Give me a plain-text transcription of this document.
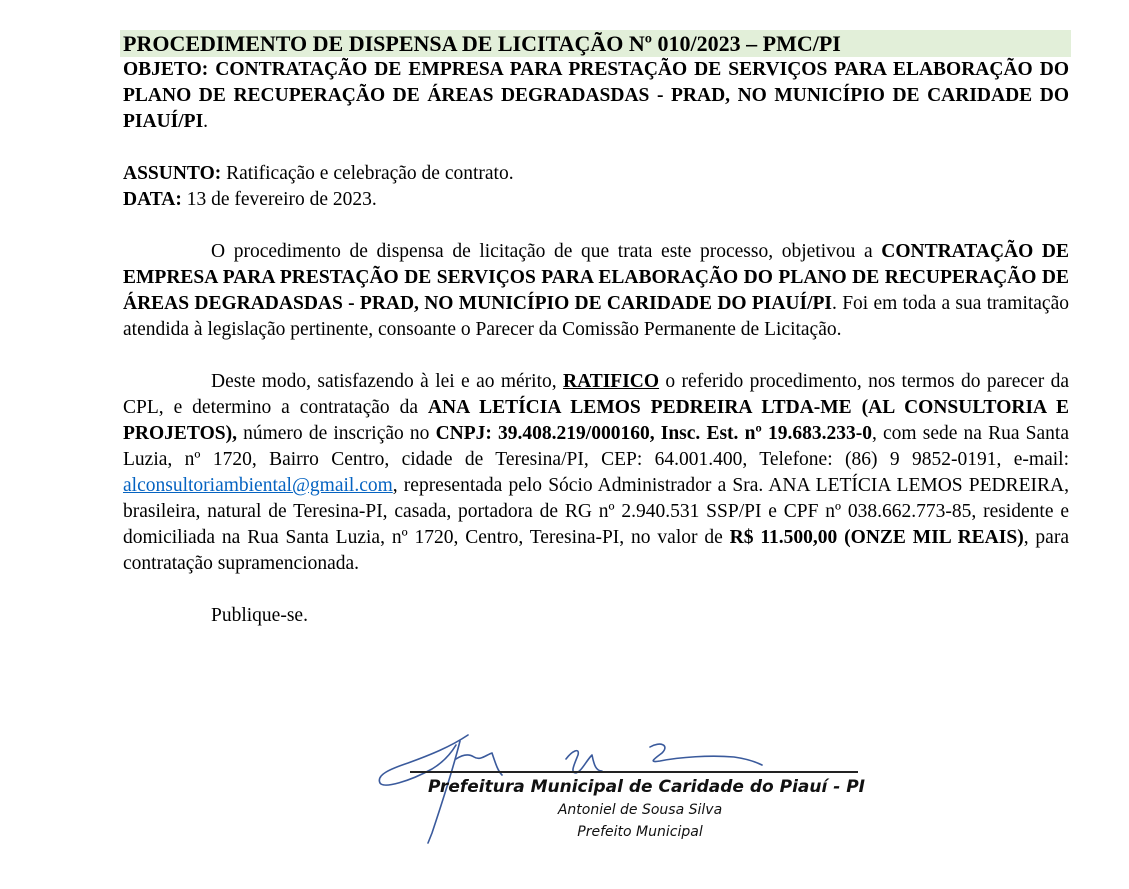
PROCEDIMENTO DE DISPENSA DE LICITAÇÃO Nº 010/2023 – PMC/PI
OBJETO: CONTRATAÇÃO DE EMPRESA PARA PRESTAÇÃO DE SERVIÇOS PARA ELABORAÇÃO DO PLANO DE RECUPERAÇÃO DE ÁREAS DEGRADASDAS - PRAD, NO MUNICÍPIO DE CARIDADE DO PIAUÍ/PI.
ASSUNTO: Ratificação e celebração de contrato.
DATA: 13 de fevereiro de 2023.

O procedimento de dispensa de licitação de que trata este processo, objetivou a CONTRATAÇÃO DE EMPRESA PARA PRESTAÇÃO DE SERVIÇOS PARA ELABORAÇÃO DO PLANO DE RECUPERAÇÃO DE ÁREAS DEGRADASDAS - PRAD, NO MUNICÍPIO DE CARIDADE DO PIAUÍ/PI. Foi em toda a sua tramitação atendida à legislação pertinente, consoante o Parecer da Comissão Permanente de Licitação.

Deste modo, satisfazendo à lei e ao mérito, RATIFICO o referido procedimento, nos termos do parecer da CPL, e determino a contratação da ANA LETÍCIA LEMOS PEDREIRA LTDA-ME (AL CONSULTORIA E PROJETOS), número de inscrição no CNPJ: 39.408.219/000160, Insc. Est. nº 19.683.233-0, com sede na Rua Santa Luzia, nº 1720, Bairro Centro, cidade de Teresina/PI, CEP: 64.001.400, Telefone: (86) 9 9852-0191, e-mail: alconsultoriambiental@gmail.com, representada pelo Sócio Administrador a Sra. ANA LETÍCIA LEMOS PEDREIRA, brasileira, natural de Teresina-PI, casada, portadora de RG nº 2.940.531 SSP/PI e CPF nº 038.662.773-85, residente e domiciliada na Rua Santa Luzia, nº 1720, Centro, Teresina-PI, no valor de R$ 11.500,00 (ONZE MIL REAIS), para contratação supramencionada.

Publique-se.
Prefeitura Municipal de Caridade do Piauí - PI
Antoniel de Sousa Silva
Prefeito Municipal
